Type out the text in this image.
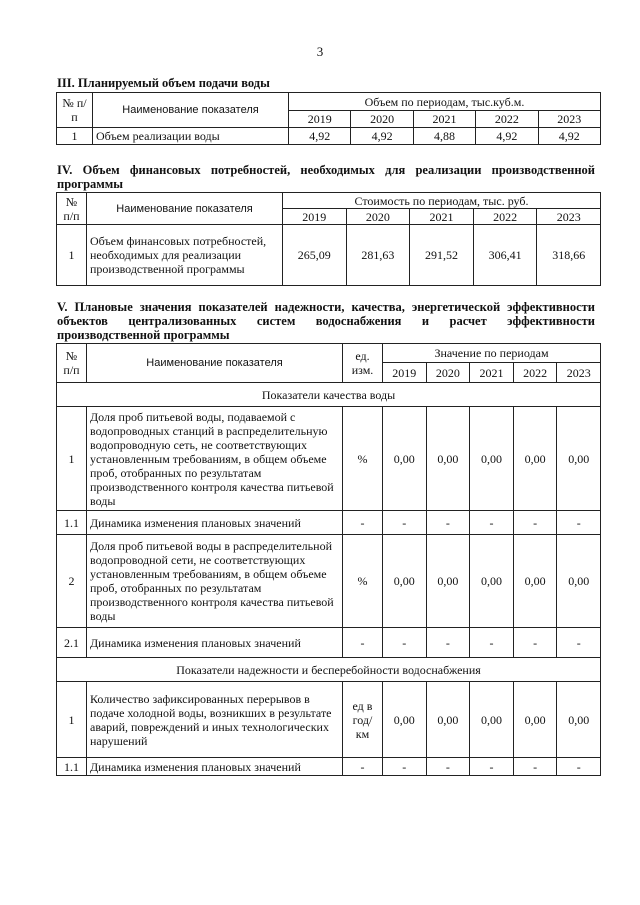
3
III. Планируемый объем подачи воды
№ п/п	Наименование показателя	Объем по периодам, тыс.куб.м.				
		2019	2020	2021	2022	2023
1	Объем реализации воды	4,92	4,92	4,88	4,92	4,92
IV. Объем финансовых потребностей, необходимых для реализации производственной программы
№ п/п	Наименование показателя	Стоимость по периодам, тыс. руб.				
		2019	2020	2021	2022	2023
1	Объем финансовых потребностей, необходимых для реализации производственной программы	265,09	281,63	291,52	306,41	318,66
V. Плановые значения показателей надежности, качества, энергетической эффективности объектов централизованных систем водоснабжения и расчет эффективности производственной программы
№ п/п	Наименование показателя	ед. изм.	Значение по периодам				
			2019	2020	2021	2022	2023
Показатели качества воды							
1	Доля проб питьевой воды, подаваемой с водопроводных станций в распределительную водопроводную сеть, не соответствующих установленным требованиям, в общем объеме проб, отобранных по результатам производственного контроля качества питьевой воды	%	0,00	0,00	0,00	0,00	0,00
1.1	Динамика изменения плановых значений	-	-	-	-	-	-
2	Доля проб питьевой воды в распределительной водопроводной сети, не соответствующих установленным требованиям, в общем объеме проб, отобранных по результатам производственного контроля качества питьевой воды	%	0,00	0,00	0,00	0,00	0,00
2.1	Динамика изменения плановых значений	-	-	-	-	-	-
Показатели надежности и бесперебойности водоснабжения							
1	Количество зафиксированных перерывов в подаче холодной воды, возникших в результате аварий, повреждений и иных технологических нарушений	ед в год/ км	0,00	0,00	0,00	0,00	0,00
1.1	Динамика изменения плановых значений	-	-	-	-	-	-
